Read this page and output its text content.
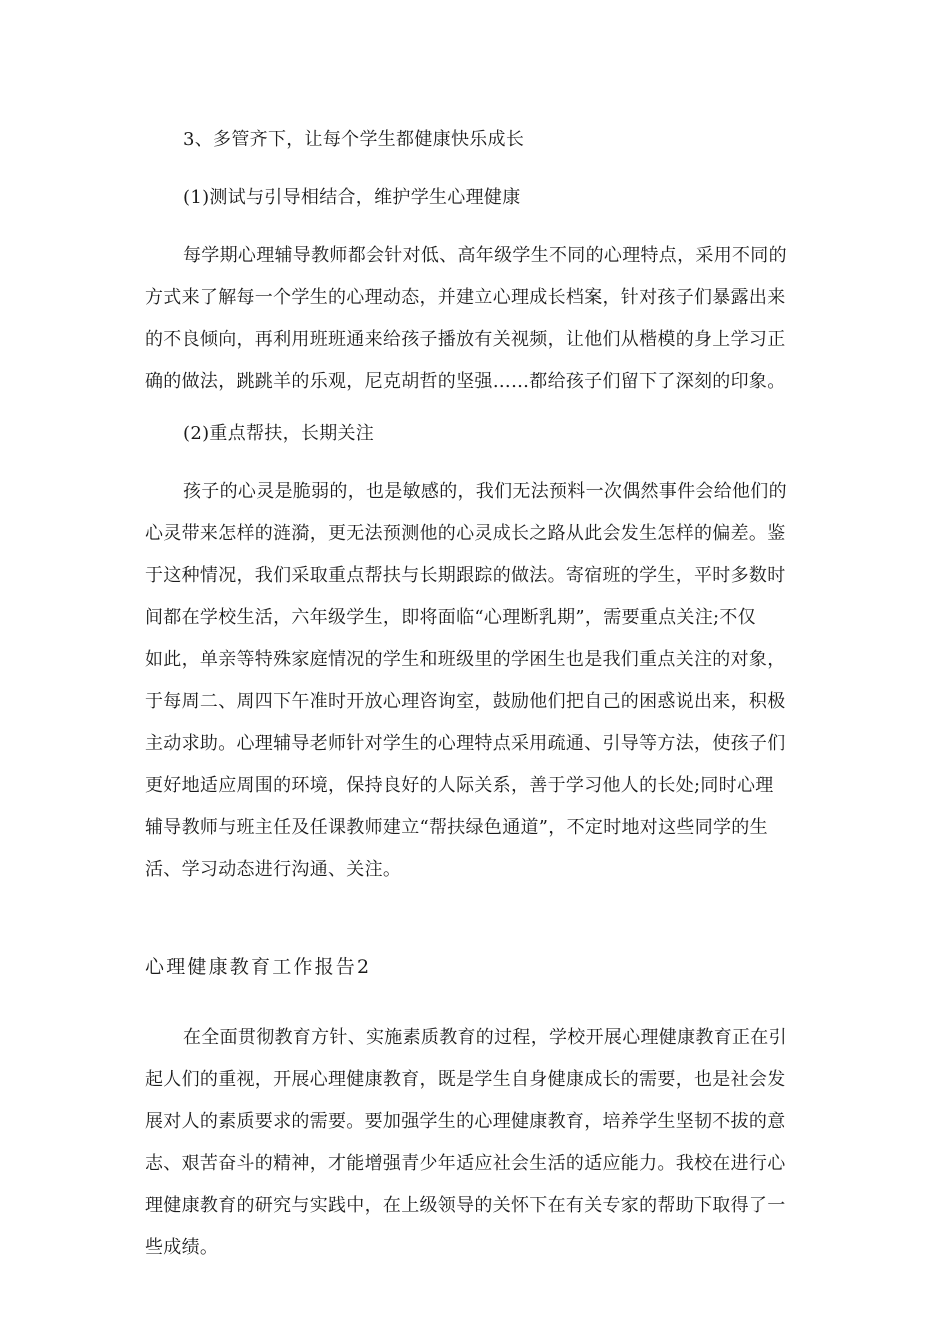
3、多管齐下，让每个学生都健康快乐成长
(1)测试与引导相结合，维护学生心理健康
每学期心理辅导教师都会针对低、高年级学生不同的心理特点，采用不同的
方式来了解每一个学生的心理动态，并建立心理成长档案，针对孩子们暴露出来
的不良倾向，再利用班班通来给孩子播放有关视频，让他们从楷模的身上学习正
确的做法，跳跳羊的乐观，尼克胡哲的坚强……都给孩子们留下了深刻的印象。
(2)重点帮扶，长期关注
孩子的心灵是脆弱的，也是敏感的，我们无法预料一次偶然事件会给他们的
心灵带来怎样的涟漪，更无法预测他的心灵成长之路从此会发生怎样的偏差。鉴
于这种情况，我们采取重点帮扶与长期跟踪的做法。寄宿班的学生，平时多数时
间都在学校生活，六年级学生，即将面临“心理断乳期”，需要重点关注;不仅
如此，单亲等特殊家庭情况的学生和班级里的学困生也是我们重点关注的对象，
于每周二、周四下午准时开放心理咨询室，鼓励他们把自己的困惑说出来，积极
主动求助。心理辅导老师针对学生的心理特点采用疏通、引导等方法，使孩子们
更好地适应周围的环境，保持良好的人际关系，善于学习他人的长处;同时心理
辅导教师与班主任及任课教师建立“帮扶绿色通道”，不定时地对这些同学的生
活、学习动态进行沟通、关注。
心理健康教育工作报告2
在全面贯彻教育方针、实施素质教育的过程，学校开展心理健康教育正在引
起人们的重视，开展心理健康教育，既是学生自身健康成长的需要，也是社会发
展对人的素质要求的需要。要加强学生的心理健康教育，培养学生坚韧不拔的意
志、艰苦奋斗的精神，才能增强青少年适应社会生活的适应能力。我校在进行心
理健康教育的研究与实践中，在上级领导的关怀下在有关专家的帮助下取得了一
些成绩。
